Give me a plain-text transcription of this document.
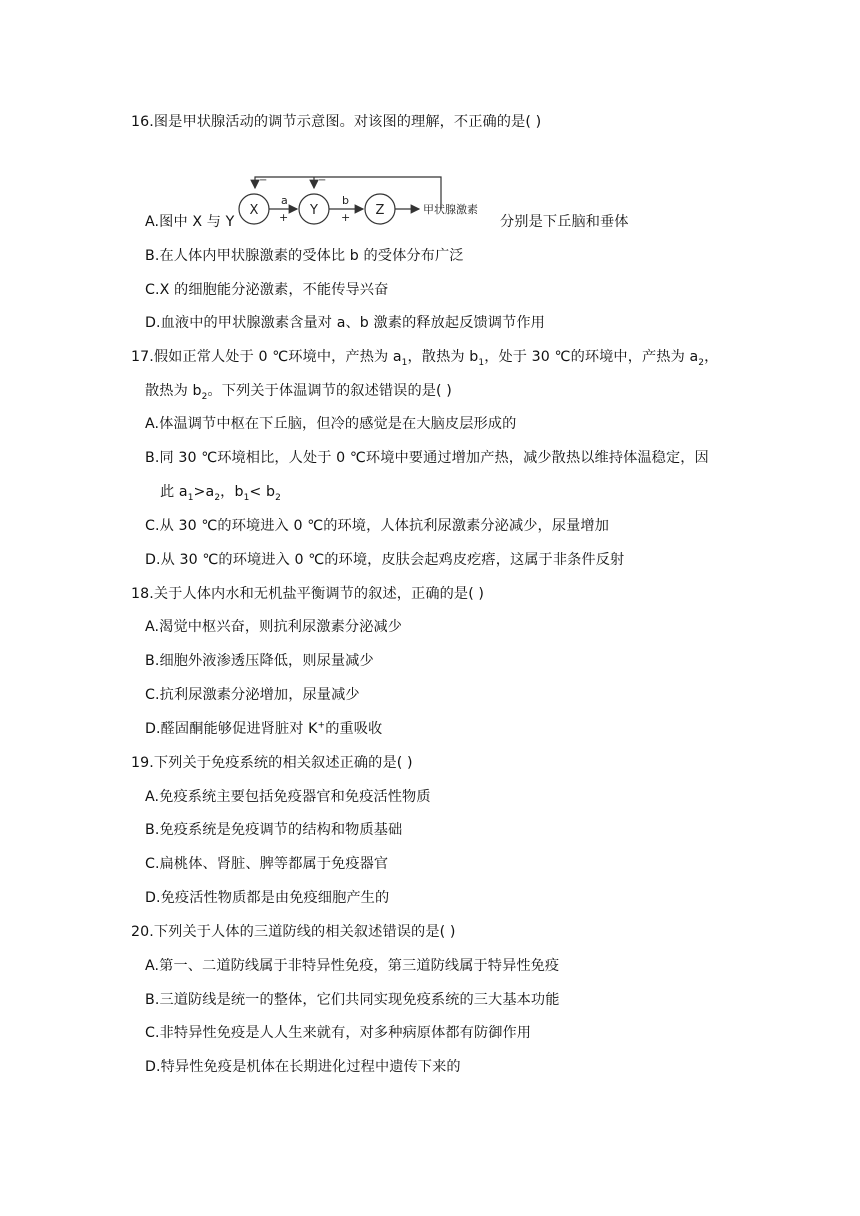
16.图是甲状腺活动的调节示意图。对该图的理解，不正确的是( )
−	−
X	Y	Z
a
+
b
+
甲状腺激素
A.图中 X 与 Y	分别是下丘脑和垂体
B.在人体内甲状腺激素的受体比 b 的受体分布广泛
C.X 的细胞能分泌激素，不能传导兴奋
D.血液中的甲状腺激素含量对 a、b 激素的释放起反馈调节作用
17.假如正常人处于 0 ℃环境中，产热为 $a_1$，散热为 $b_1$，处于 30 ℃的环境中，产热为 $a_2$，
散热为 $b_2$。下列关于体温调节的叙述错误的是( )
A.体温调节中枢在下丘脑，但冷的感觉是在大脑皮层形成的
B.同 30 ℃环境相比，人处于 0 ℃环境中要通过增加产热，减少散热以维持体温稳定，因
此 $a_1>a_2$，$b_1< b_2$
C.从 30 ℃的环境进入 0 ℃的环境，人体抗利尿激素分泌减少，尿量增加
D.从 30 ℃的环境进入 0 ℃的环境，皮肤会起鸡皮疙瘩，这属于非条件反射
18.关于人体内水和无机盐平衡调节的叙述，正确的是( )
A.渴觉中枢兴奋，则抗利尿激素分泌减少
B.细胞外液渗透压降低，则尿量减少
C.抗利尿激素分泌增加，尿量减少
D.醛固酮能够促进肾脏对 K+的重吸收
19.下列关于免疫系统的相关叙述正确的是( )
A.免疫系统主要包括免疫器官和免疫活性物质
B.免疫系统是免疫调节的结构和物质基础
C.扁桃体、肾脏、脾等都属于免疫器官
D.免疫活性物质都是由免疫细胞产生的
20.下列关于人体的三道防线的相关叙述错误的是( )
A.第一、二道防线属于非特异性免疫，第三道防线属于特异性免疫
B.三道防线是统一的整体，它们共同实现免疫系统的三大基本功能
C.非特异性免疫是人人生来就有，对多种病原体都有防御作用
D.特异性免疫是机体在长期进化过程中遗传下来的
